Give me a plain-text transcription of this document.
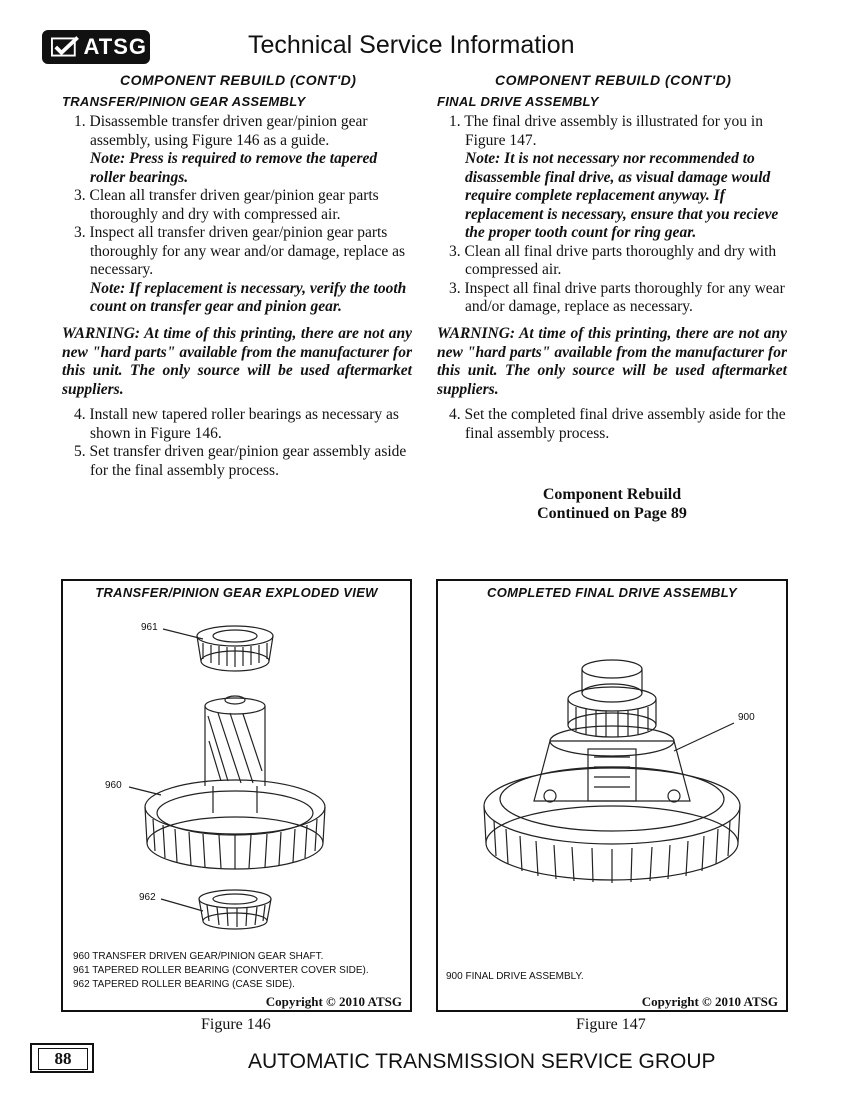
ATSG	Technical Service Information
COMPONENT REBUILD (CONT'D)
TRANSFER/PINION GEAR ASSEMBLY

1. Disassemble transfer driven gear/pinion gear assembly, using Figure 146 as a guide.

Note: Press is required to remove the tapered roller bearings.

3. Clean all transfer driven gear/pinion gear parts thoroughly and dry with compressed air.

3. Inspect all transfer driven gear/pinion gear parts thoroughly for any wear and/or damage, replace as necessary.

Note: If replacement is necessary, verify the tooth count on transfer gear and pinion gear.

WARNING: At time of this printing, there are not any new "hard parts" available from the manufacturer for this unit. The only source will be used aftermarket suppliers.

4. Install new tapered roller bearings as necessary as shown in Figure 146.

5. Set transfer driven gear/pinion gear assembly aside for the final assembly process.

COMPONENT REBUILD (CONT'D)
FINAL DRIVE ASSEMBLY

1. The final drive assembly is illustrated for you in Figure 147.

Note: It is not necessary nor recommended to disassemble final drive, as visual damage would require complete replacement anyway. If replacement is necessary, ensure that you recieve the proper tooth count for ring gear.

3. Clean all final drive parts thoroughly and dry with compressed air.

3. Inspect all final drive parts thoroughly for any wear and/or damage, replace as necessary.

WARNING: At time of this printing, there are not any new "hard parts" available from the manufacturer for this unit. The only source will be used aftermarket suppliers.

4. Set the completed final drive assembly aside for the final assembly process.

Component Rebuild
Continued on Page 89
TRANSFER/PINION GEAR EXPLODED VIEW
961
960
962
960 TRANSFER DRIVEN GEAR/PINION GEAR SHAFT.
961 TAPERED ROLLER BEARING (CONVERTER COVER SIDE).
962 TAPERED ROLLER BEARING (CASE SIDE).
Copyright © 2010 ATSG
Figure 146
COMPLETED FINAL DRIVE ASSEMBLY
900
900 FINAL DRIVE ASSEMBLY.
Copyright © 2010 ATSG
Figure 147
88	AUTOMATIC TRANSMISSION SERVICE GROUP
